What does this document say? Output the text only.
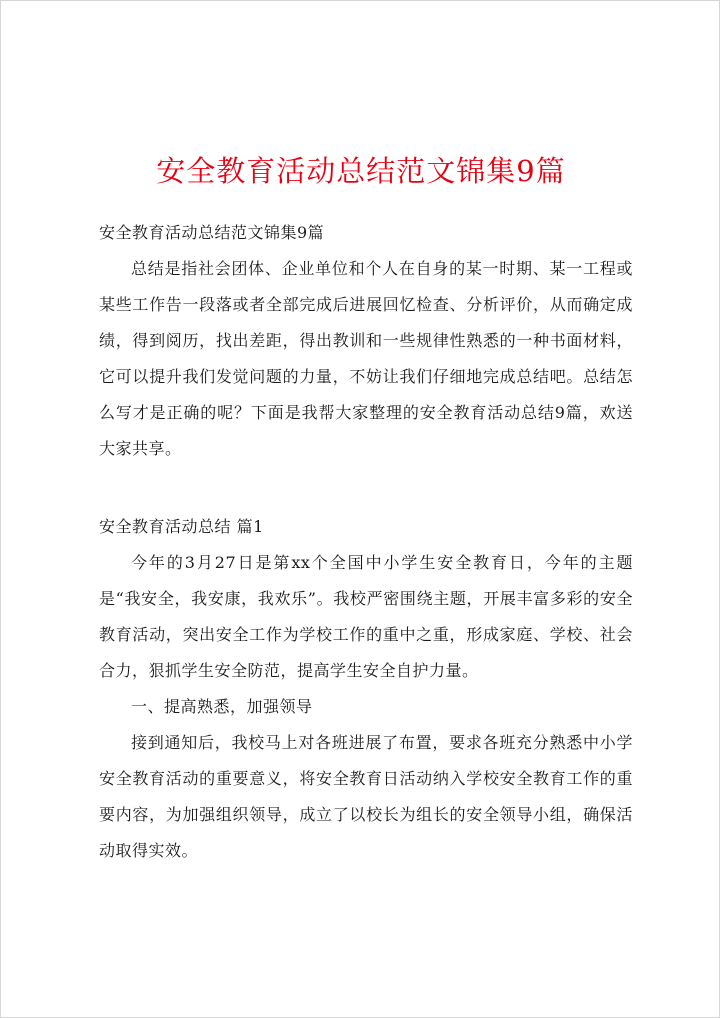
安全教育活动总结范文锦集9篇

安全教育活动总结范文锦集9篇

总结是指社会团体、企业单位和个人在自身的某一时期、某一工程或某些工作告一段落或者全部完成后进展回忆检查、分析评价，从而确定成绩，得到阅历，找出差距，得出教训和一些规律性熟悉的一种书面材料，它可以提升我们发觉问题的力量，不妨让我们仔细地完成总结吧。总结怎么写才是正确的呢？下面是我帮大家整理的安全教育活动总结9篇，欢送大家共享。

安全教育活动总结 篇1

今年的3月27日是第xx个全国中小学生安全教育日，今年的主题是“我安全，我安康，我欢乐”。我校严密围绕主题，开展丰富多彩的安全教育活动，突出安全工作为学校工作的重中之重，形成家庭、学校、社会合力，狠抓学生安全防范，提高学生安全自护力量。

一、提高熟悉，加强领导

接到通知后，我校马上对各班进展了布置，要求各班充分熟悉中小学安全教育活动的重要意义，将安全教育日活动纳入学校安全教育工作的重要内容，为加强组织领导，成立了以校长为组长的安全领导小组，确保活动取得实效。
